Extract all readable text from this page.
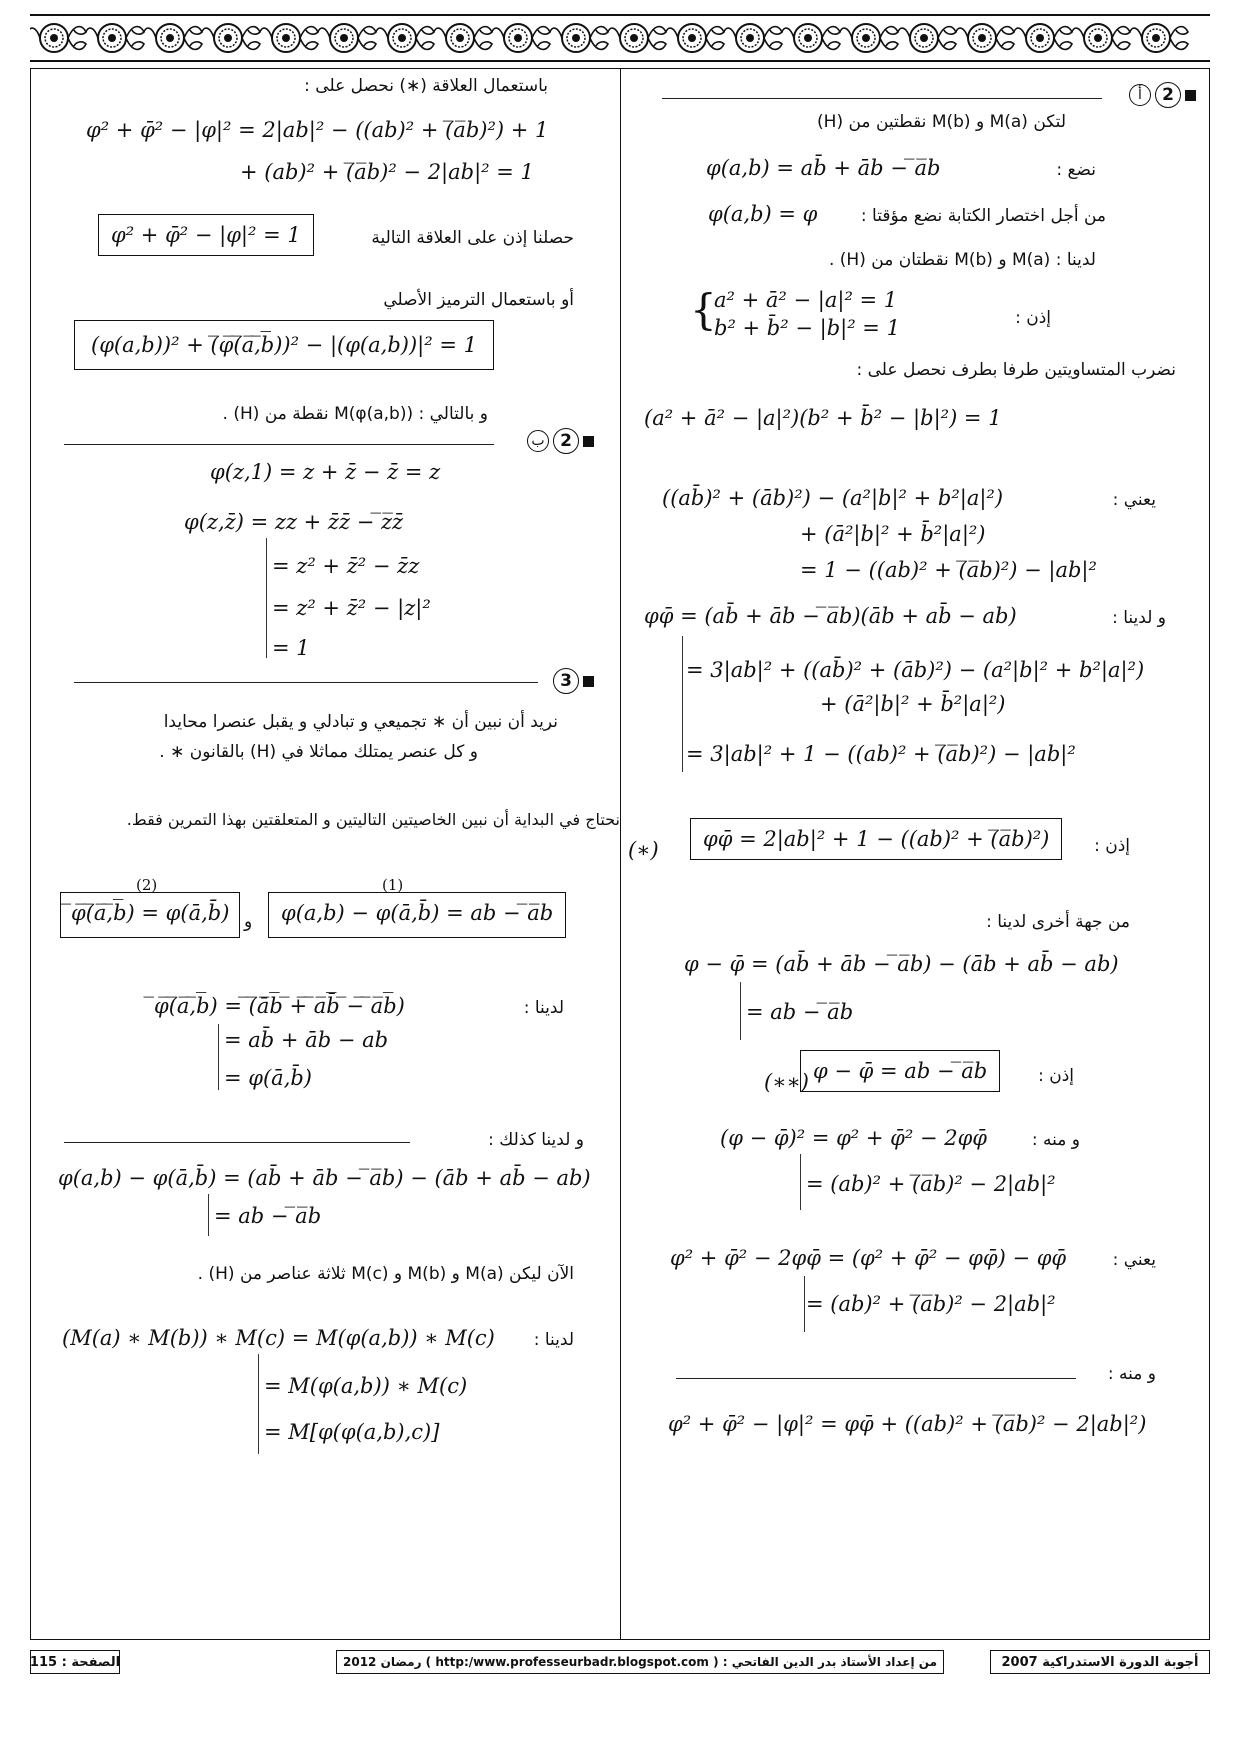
أ	2
لتكن M(a) و M(b) نقطتين من (H)
نضع :
φ(a,b) = ab̄ + āb − ̅a̅b
من أجل اختصار الكتابة نضع مؤقتا :
φ(a,b) = φ
لدينا : M(a) و M(b) نقطتان من (H) .
إذن :
{
a² + ā² − |a|² = 1
b² + b̄² − |b|² = 1
نضرب المتساويتين طرفا بطرف نحصل على :
(a² + ā² − |a|²)(b² + b̄² − |b|²) = 1
يعني :
((ab̄)² + (āb)²) − (a²|b|² + b²|a|²)
+ (ā²|b|² + b̄²|a|²)
= 1 − ((ab)² + (̅a̅b)²) − |ab|²
و لدينا :
φφ̄ = (ab̄ + āb − ̅a̅b)(āb + ab̄ − ab)
= 3|ab|² + ((ab̄)² + (āb)²) − (a²|b|² + b²|a|²)
+ (ā²|b|² + b̄²|a|²)
= 3|ab|² + 1 − ((ab)² + (̅a̅b)²) − |ab|²
إذن :
(∗)	φφ̄ = 2|ab|² + 1 − ((ab)² + (̅a̅b)²)
من جهة أخرى لدينا :
φ − φ̄ = (ab̄ + āb − ̅a̅b) − (āb + ab̄ − ab)
= ab − ̅a̅b
إذن :
(∗∗) φ − φ̄ = ab − ̅a̅b
و منه :
(φ − φ̄)² = φ² + φ̄² − 2φφ̄
= (ab)² + (̅a̅b)² − 2|ab|²
يعني :
φ² + φ̄² − 2φφ̄ = (φ² + φ̄² − φφ̄) − φφ̄
= (ab)² + (̅a̅b)² − 2|ab|²
و منه :
φ² + φ̄² − |φ|² = φφ̄ + ((ab)² + (̅a̅b)² − 2|ab|²)
باستعمال العلاقة (∗) نحصل على :
φ² + φ̄² − |φ|² = 2|ab|² − ((ab)² + (̅a̅b)²) + 1
+ (ab)² + (̅a̅b)² − 2|ab|² = 1
حصلنا إذن على العلاقة التالية
φ² + φ̄² − |φ|² = 1
أو باستعمال الترميز الأصلي
(φ(a,b))² + (̅φ̅(̅a̅,̅b̅))² − |(φ(a,b))|² = 1
و بالتالي : M(φ(a,b)) نقطة من (H) .
ب 2
φ(z,1) = z + z̄ − z̄ = z
φ(z,z̄) = zz + z̄z̄ − ̅z̅z̄
= z² + z̄² − z̄z
= z² + z̄² − |z|²
= 1
3
نريد أن نبين أن ∗ تجميعي و تبادلي و يقبل عنصرا محايدا
و كل عنصر يمتلك مماثلا في (H) بالقانون ∗ .
نحتاج في البداية أن نبين الخاصيتين التاليتين و المتعلقتين بهذا التمرين فقط.
(1)
(2)
φ(a,b) − φ(ā,b̄) = ab − ̅a̅b
و
̅φ̅(̅a̅,̅b̅) = φ(ā,b̄)
لدينا :
̅φ̅(̅a̅,̅b̅) = ̅(̅ā̅b̅ ̅+̅ ̅a̅b̄̅ ̅−̅ ̅a̅b̅)
= ab̄ + āb − ab
= φ(ā,b̄)
و لدينا كذلك :
φ(a,b) − φ(ā,b̄) = (ab̄ + āb − ̅a̅b) − (āb + ab̄ − ab)
= ab − ̅a̅b
الآن ليكن M(a) و M(b) و M(c) ثلاثة عناصر من (H) .
لدينا :
(M(a) ∗ M(b)) ∗ M(c) = M(φ(a,b)) ∗ M(c)
= M(φ(a,b)) ∗ M(c)
= M[φ(φ(a,b),c)]
الصفحة : 115	من إعداد الأستاذ بدر الدين الفاتحي : ( http:/www.professeurbadr.blogspot.com ) رمضان 2012	أجوبة الدورة الاستدراكية 2007
